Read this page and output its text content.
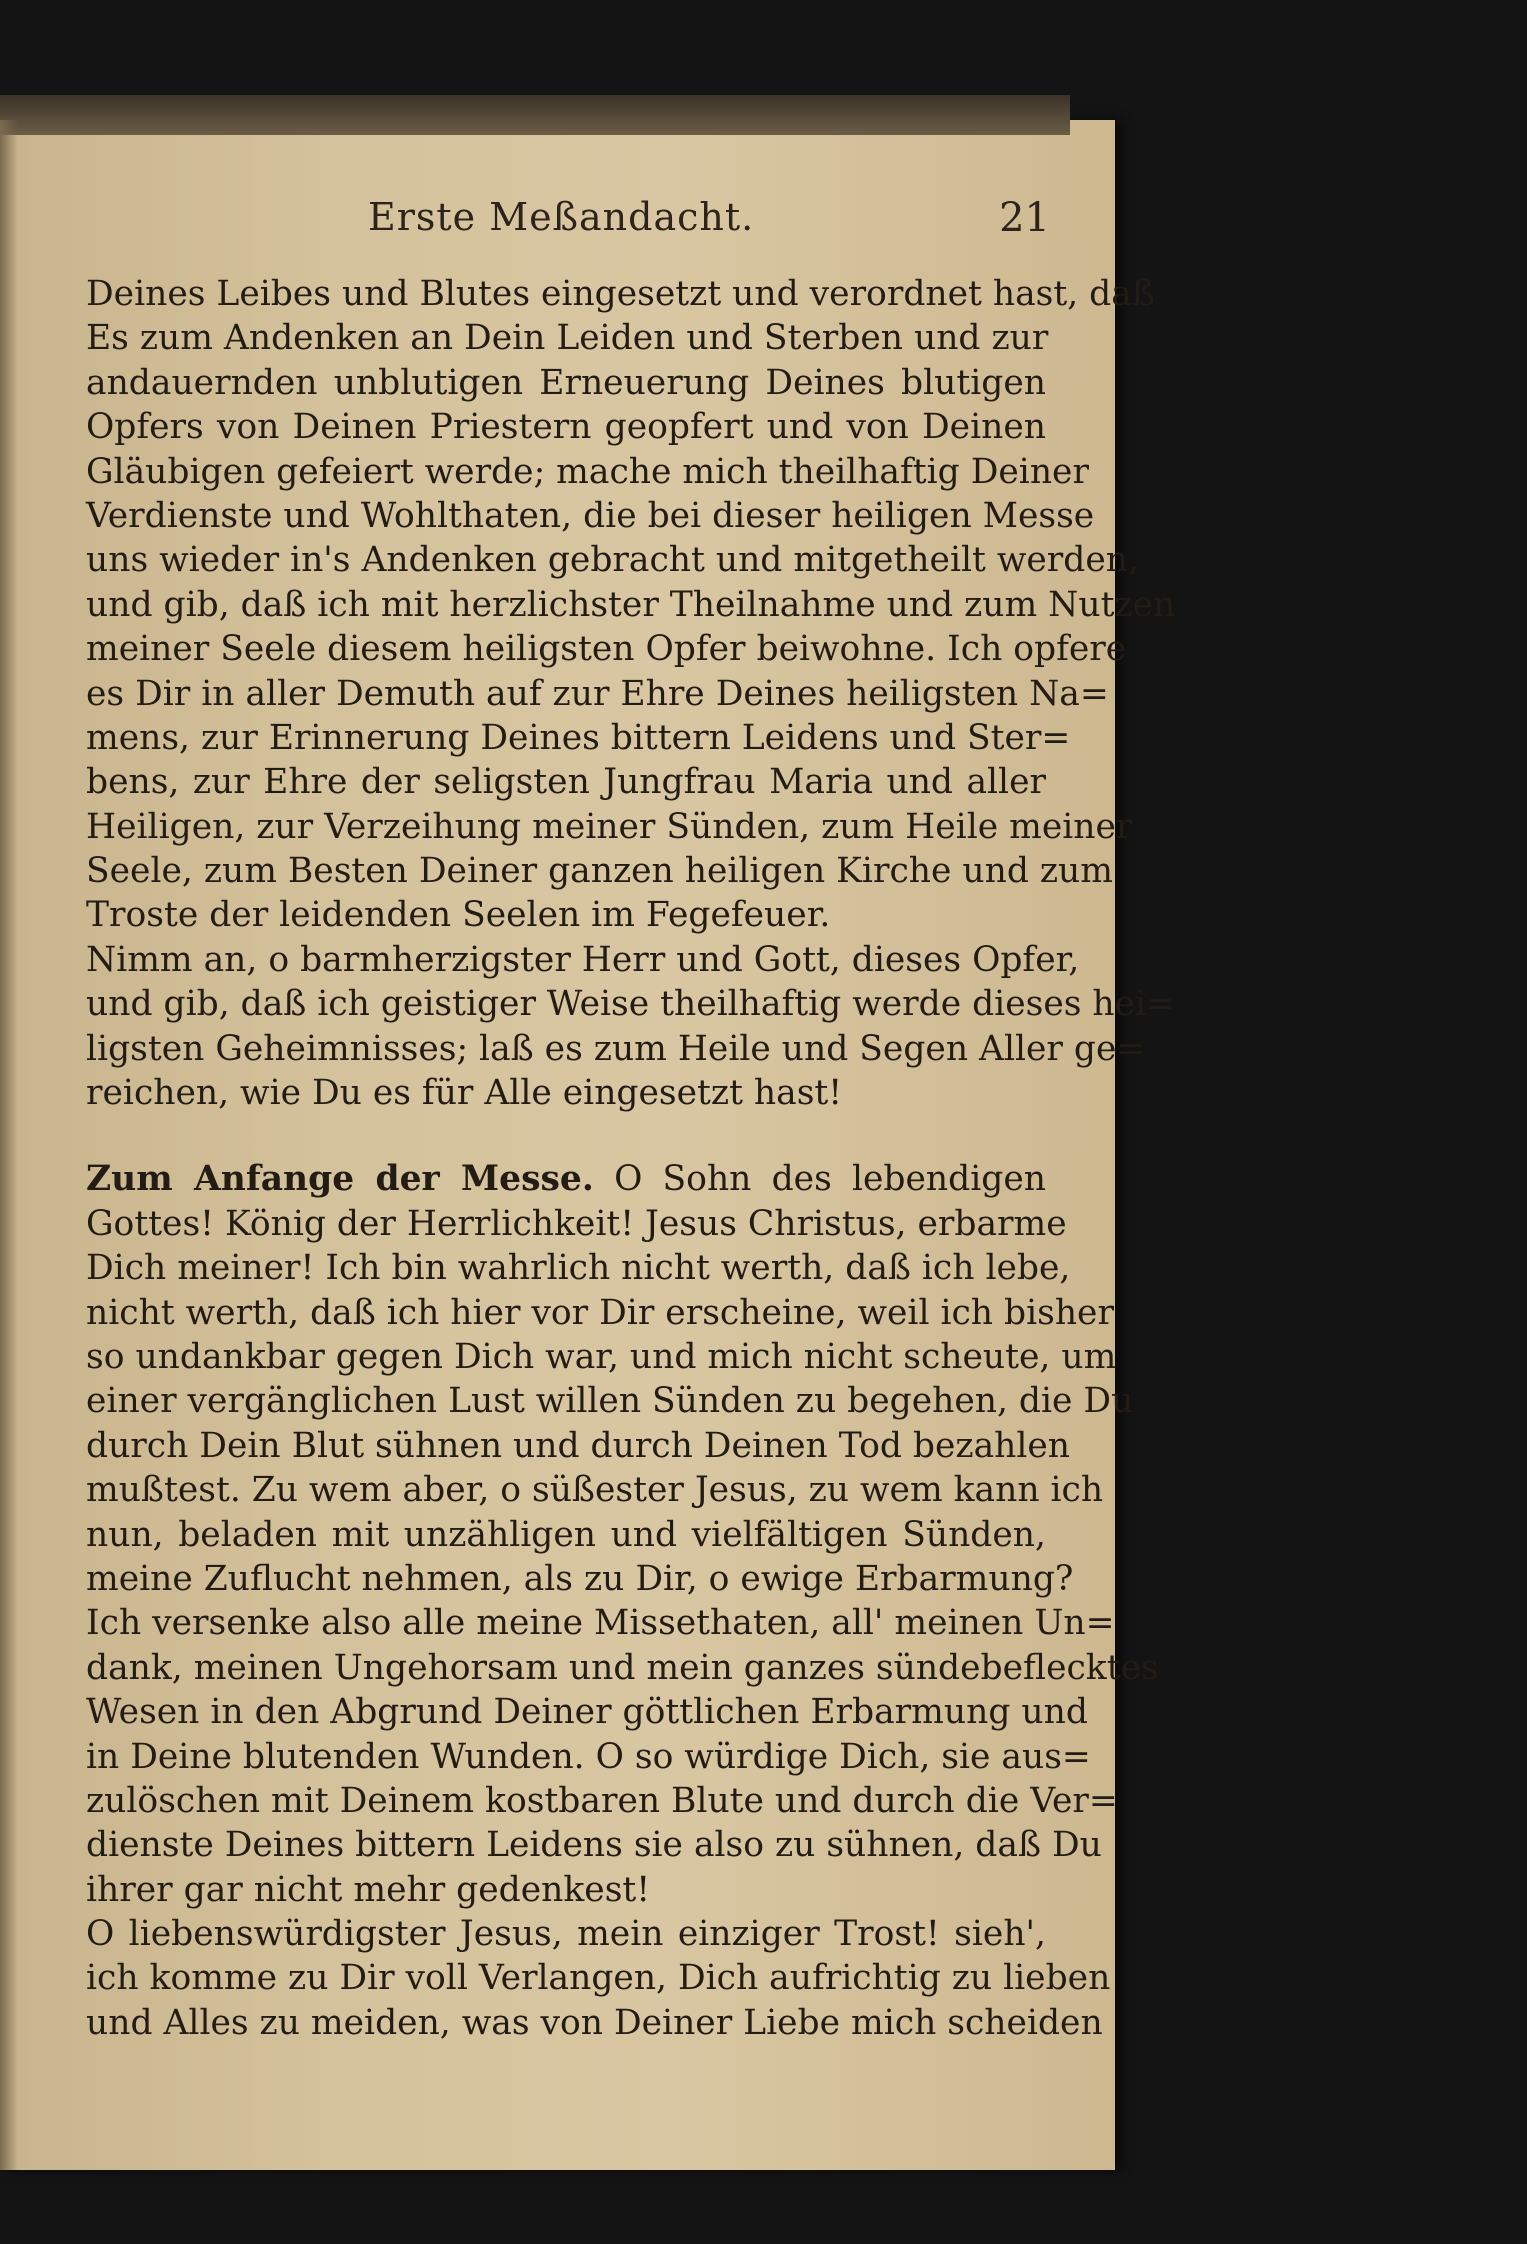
Erste Meßandacht.	21
Deines Leibes und Blutes eingesetzt und verordnet hast, daß
Es zum Andenken an Dein Leiden und Sterben und zur
andauernden unblutigen Erneuerung Deines blutigen
Opfers von Deinen Priestern geopfert und von Deinen
Gläubigen gefeiert werde; mache mich theilhaftig Deiner
Verdienste und Wohlthaten, die bei dieser heiligen Messe
uns wieder in's Andenken gebracht und mitgetheilt werden,
und gib, daß ich mit herzlichster Theilnahme und zum Nutzen
meiner Seele diesem heiligsten Opfer beiwohne. Ich opfere
es Dir in aller Demuth auf zur Ehre Deines heiligsten Na=
mens, zur Erinnerung Deines bittern Leidens und Ster=
bens, zur Ehre der seligsten Jungfrau Maria und aller
Heiligen, zur Verzeihung meiner Sünden, zum Heile meiner
Seele, zum Besten Deiner ganzen heiligen Kirche und zum
Troste der leidenden Seelen im Fegefeuer.
Nimm an, o barmherzigster Herr und Gott, dieses Opfer,
und gib, daß ich geistiger Weise theilhaftig werde dieses hei=
ligsten Geheimnisses; laß es zum Heile und Segen Aller ge=
reichen, wie Du es für Alle eingesetzt hast!
Zum Anfange der Messe. O Sohn des lebendigen
Gottes! König der Herrlichkeit! Jesus Christus, erbarme
Dich meiner! Ich bin wahrlich nicht werth, daß ich lebe,
nicht werth, daß ich hier vor Dir erscheine, weil ich bisher
so undankbar gegen Dich war, und mich nicht scheute, um
einer vergänglichen Lust willen Sünden zu begehen, die Du
durch Dein Blut sühnen und durch Deinen Tod bezahlen
mußtest. Zu wem aber, o süßester Jesus, zu wem kann ich
nun, beladen mit unzähligen und vielfältigen Sünden,
meine Zuflucht nehmen, als zu Dir, o ewige Erbarmung?
Ich versenke also alle meine Missethaten, all' meinen Un=
dank, meinen Ungehorsam und mein ganzes sündebeflecktes
Wesen in den Abgrund Deiner göttlichen Erbarmung und
in Deine blutenden Wunden. O so würdige Dich, sie aus=
zulöschen mit Deinem kostbaren Blute und durch die Ver=
dienste Deines bittern Leidens sie also zu sühnen, daß Du
ihrer gar nicht mehr gedenkest!
O liebenswürdigster Jesus, mein einziger Trost! sieh',
ich komme zu Dir voll Verlangen, Dich aufrichtig zu lieben
und Alles zu meiden, was von Deiner Liebe mich scheiden
